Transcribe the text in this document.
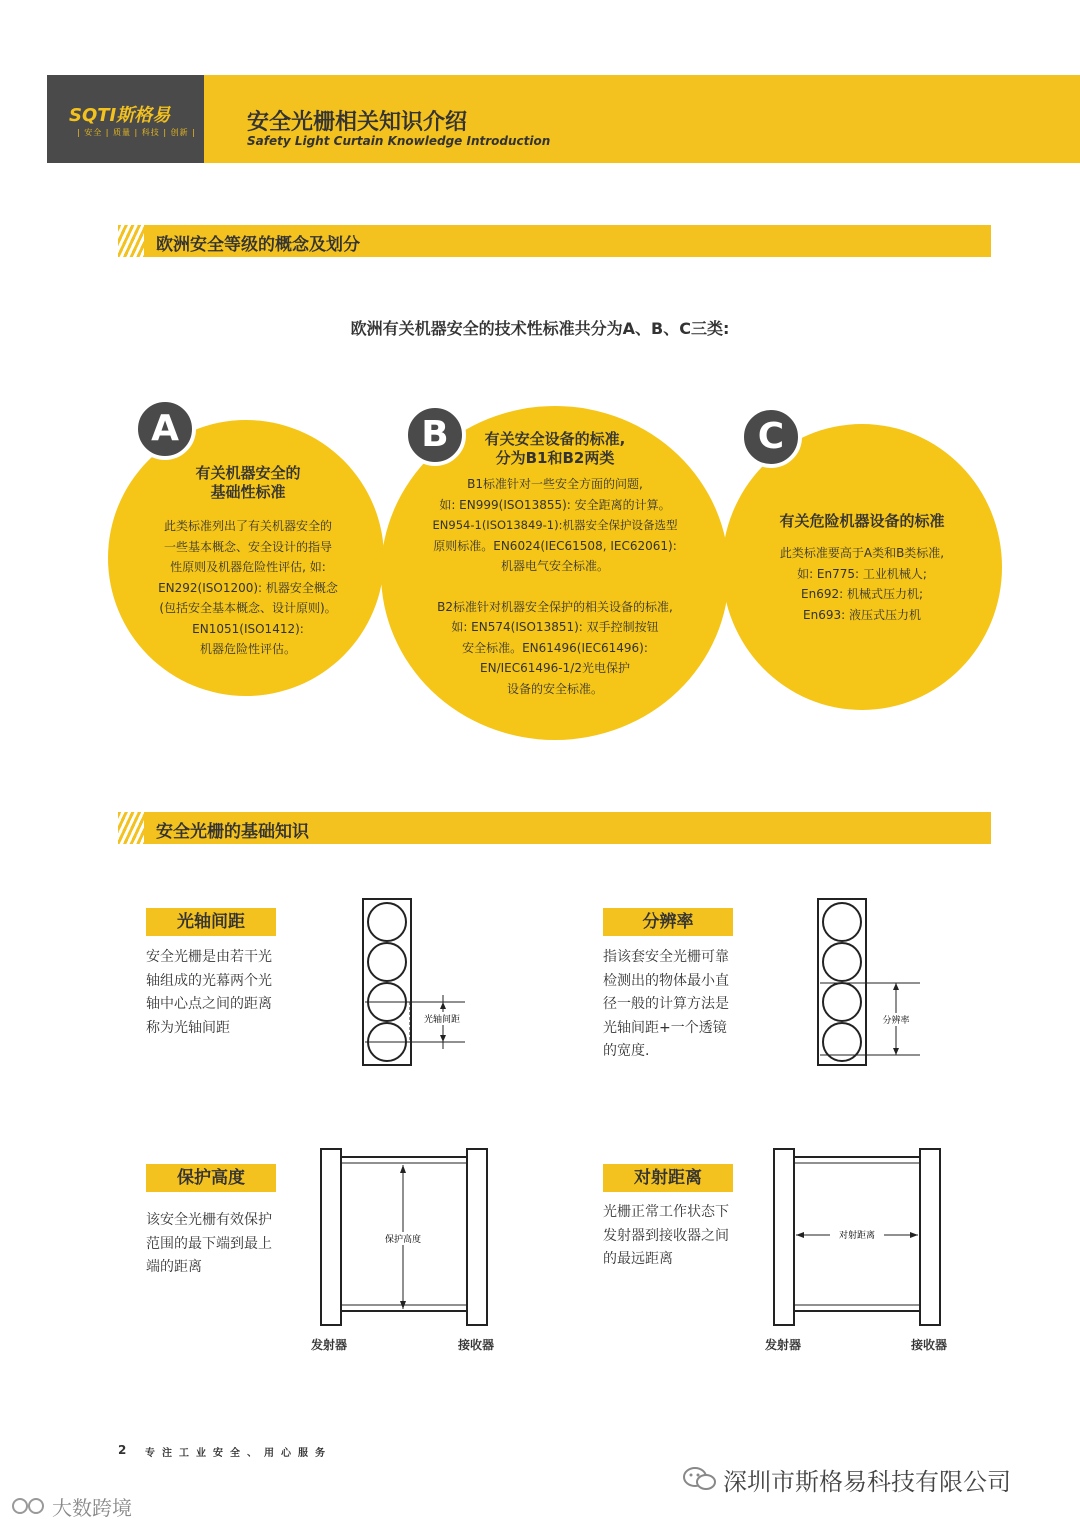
SQTI斯格易
| 安全 | 质量 | 科技 | 创新 | 安全光栅相关知识介绍
Safety Light Curtain Knowledge Introduction
欧洲安全等级的概念及划分
欧洲有关机器安全的技术性标准共分为A、B、C三类:
A
有关机器安全的
基础性标准
此类标准列出了有关机器安全的
一些基本概念、安全设计的指导
性原则及机器危险性评估, 如:
EN292(ISO1200): 机器安全概念
(包括安全基本概念、设计原则)。
EN1051(ISO1412):
机器危险性评估。
B	有关安全设备的标准,
分为B1和B2两类
B1标准针对一些安全方面的问题,
如: EN999(ISO13855): 安全距离的计算。
EN954-1(ISO13849-1):机器安全保护设备选型
原则标准。EN6024(IEC61508, IEC62061):
机器电气安全标准。
B2标准针对机器安全保护的相关设备的标准,
如: EN574(ISO13851): 双手控制按钮
安全标准。EN61496(IEC61496):
EN/IEC61496-1/2光电保护
设备的安全标准。
C
有关危险机器设备的标准
此类标准要高于A类和B类标准,
如: En775: 工业机械人;
En692: 机械式压力机;
En693: 液压式压力机
安全光栅的基础知识
光轴间距
安全光栅是由若干光
轴组成的光幕两个光
轴中心点之间的距离
称为光轴间距	光轴间距
分辨率
指该套安全光栅可靠
检测出的物体最小直
径一般的计算方法是
光轴间距+一个透镜
的宽度.
分辨率
保护高度
该安全光栅有效保护
范围的最下端到最上
端的距离
保护高度
发射器	接收器
对射距离
光栅正常工作状态下
发射器到接收器之间
的最远距离
对射距离
发射器	接收器
2 专注工业安全、用心服务
深圳市斯格易科技有限公司
大数跨境
